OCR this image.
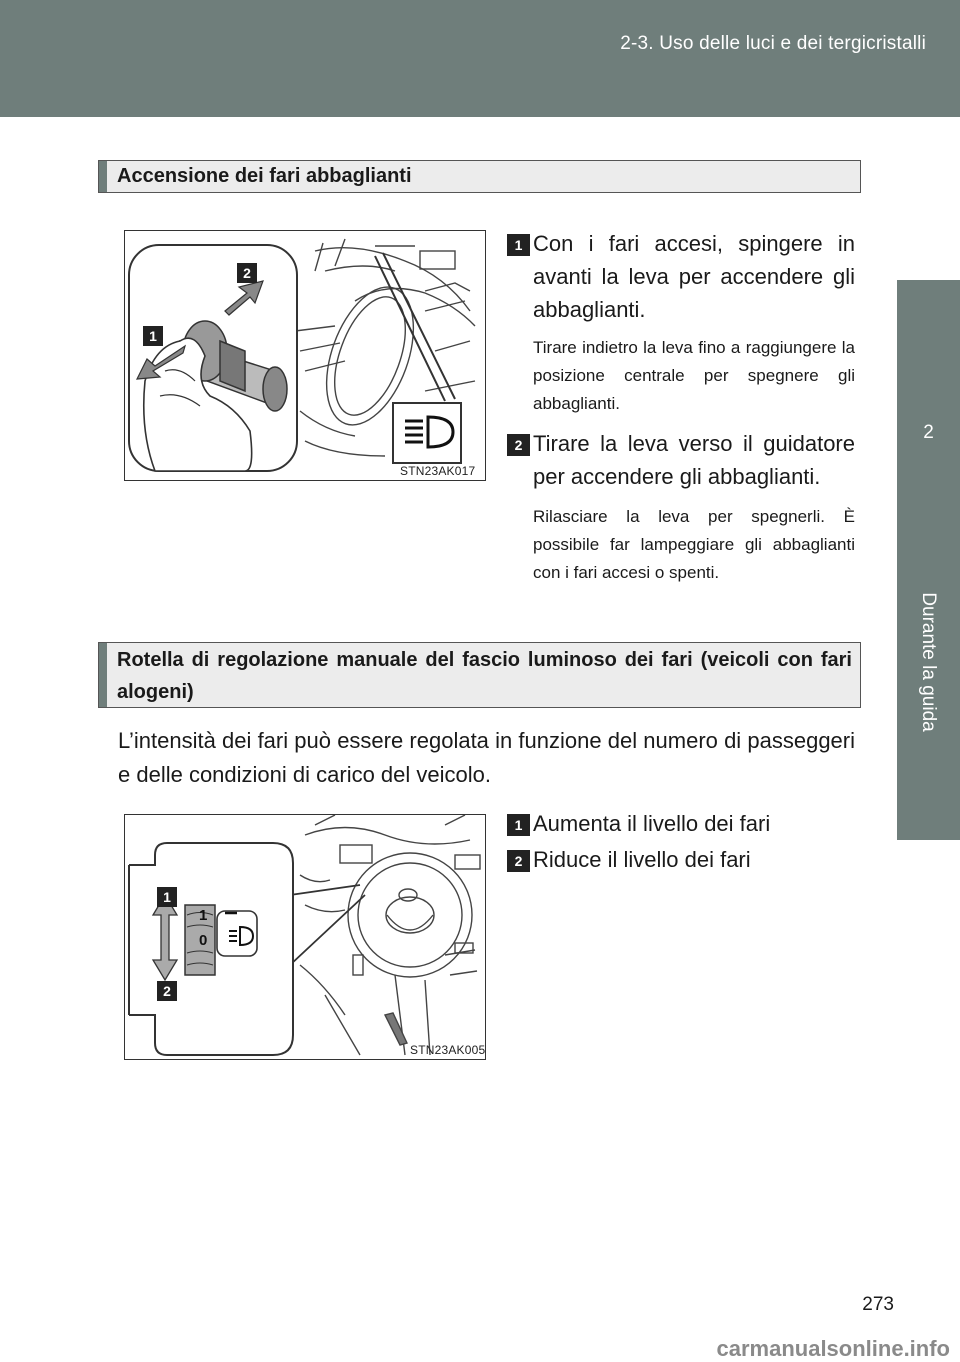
2-3. Uso delle luci e dei tergicristalli
2
Durante la guida
Accensione dei fari abbaglianti
2
1
STN23AK017
1 Con i fari accesi, spingere in avanti la leva per accendere gli abbaglianti.
Tirare indietro la leva fino a raggiungere la posizione centrale per spegnere gli abbaglianti.
2 Tirare la leva verso il guidatore per accendere gli abbaglianti.
Rilasciare la leva per spegnerli. È possibile far lampeggiare gli abbaglianti con i fari accesi o spenti.
Rotella di regolazione manuale del fascio luminoso dei fari (veicoli con fari alogeni)
L’intensità dei fari può essere regolata in funzione del numero di passeggeri e delle condizioni di carico del veicolo.
1
2
1
0
STN23AK005
1 Aumenta il livello dei fari
2 Riduce il livello dei fari
273
carmanualsonline.info
